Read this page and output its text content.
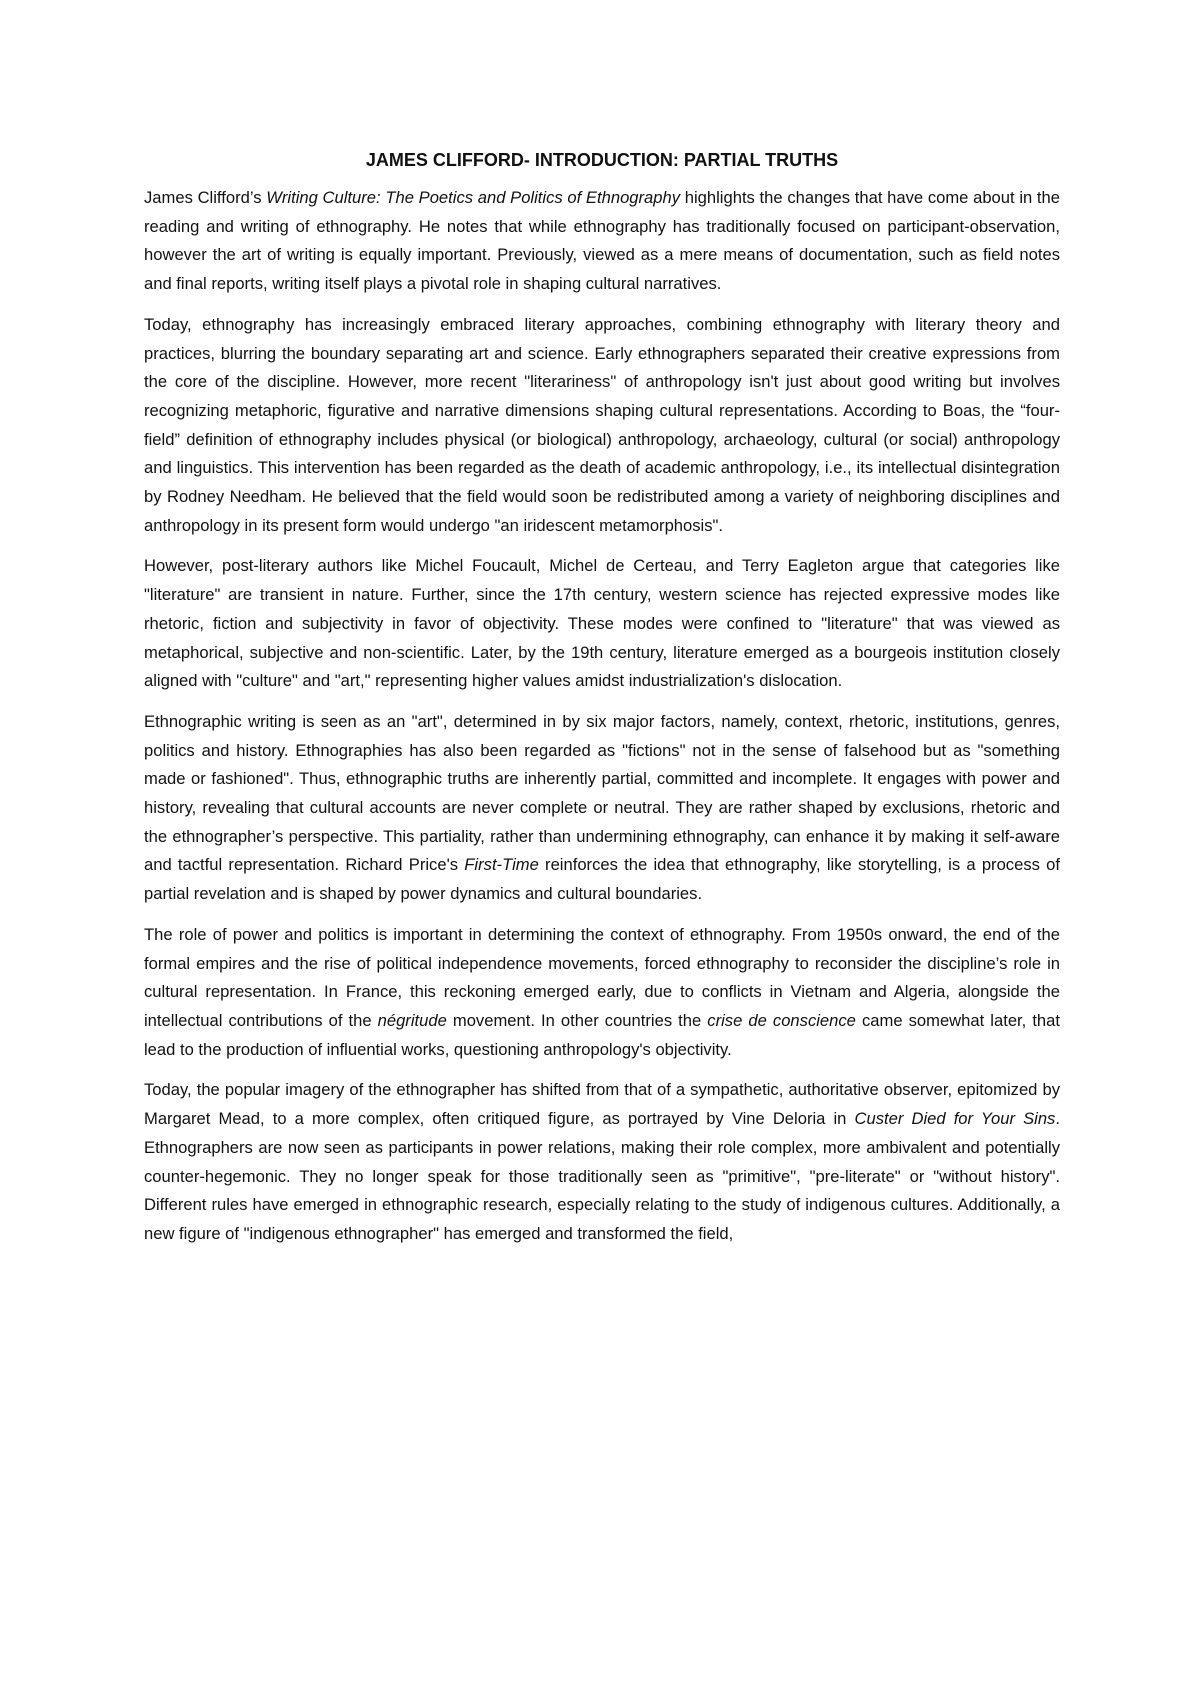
JAMES CLIFFORD- INTRODUCTION: PARTIAL TRUTHS

James Clifford’s Writing Culture: The Poetics and Politics of Ethnography highlights the changes that have come about in the reading and writing of ethnography. He notes that while ethnography has traditionally focused on participant-observation, however the art of writing is equally important. Previously, viewed as a mere means of documentation, such as field notes and final reports, writing itself plays a pivotal role in shaping cultural narratives.

Today, ethnography has increasingly embraced literary approaches, combining ethnography with literary theory and practices, blurring the boundary separating art and science. Early ethnographers separated their creative expressions from the core of the discipline. However, more recent "literariness" of anthropology isn't just about good writing but involves recognizing metaphoric, figurative and narrative dimensions shaping cultural representations. According to Boas, the “four-field” definition of ethnography includes physical (or biological) anthropology, archaeology, cultural (or social) anthropology and linguistics. This intervention has been regarded as the death of academic anthropology, i.e., its intellectual disintegration by Rodney Needham. He believed that the field would soon be redistributed among a variety of neighboring disciplines and anthropology in its present form would undergo "an iridescent metamorphosis".

However, post-literary authors like Michel Foucault, Michel de Certeau, and Terry Eagleton argue that categories like "literature" are transient in nature. Further, since the 17th century, western science has rejected expressive modes like rhetoric, fiction and subjectivity in favor of objectivity. These modes were confined to "literature" that was viewed as metaphorical, subjective and non-scientific. Later, by the 19th century, literature emerged as a bourgeois institution closely aligned with "culture" and "art," representing higher values amidst industrialization's dislocation.

Ethnographic writing is seen as an "art", determined in by six major factors, namely, context, rhetoric, institutions, genres, politics and history. Ethnographies has also been regarded as "fictions" not in the sense of falsehood but as "something made or fashioned". Thus, ethnographic truths are inherently partial, committed and incomplete. It engages with power and history, revealing that cultural accounts are never complete or neutral. They are rather shaped by exclusions, rhetoric and the ethnographer’s perspective. This partiality, rather than undermining ethnography, can enhance it by making it self-aware and tactful representation. Richard Price's First-Time reinforces the idea that ethnography, like storytelling, is a process of partial revelation and is shaped by power dynamics and cultural boundaries.

The role of power and politics is important in determining the context of ethnography. From 1950s onward, the end of the formal empires and the rise of political independence movements, forced ethnography to reconsider the discipline’s role in cultural representation. In France, this reckoning emerged early, due to conflicts in Vietnam and Algeria, alongside the intellectual contributions of the négritude movement. In other countries the crise de conscience came somewhat later, that lead to the production of influential works, questioning anthropology's objectivity.

Today, the popular imagery of the ethnographer has shifted from that of a sympathetic, authoritative observer, epitomized by Margaret Mead, to a more complex, often critiqued figure, as portrayed by Vine Deloria in Custer Died for Your Sins. Ethnographers are now seen as participants in power relations, making their role complex, more ambivalent and potentially counter-hegemonic. They no longer speak for those traditionally seen as "primitive", "pre-literate" or "without history". Different rules have emerged in ethnographic research, especially relating to the study of indigenous cultures. Additionally, a new figure of "indigenous ethnographer" has emerged and transformed the field,
